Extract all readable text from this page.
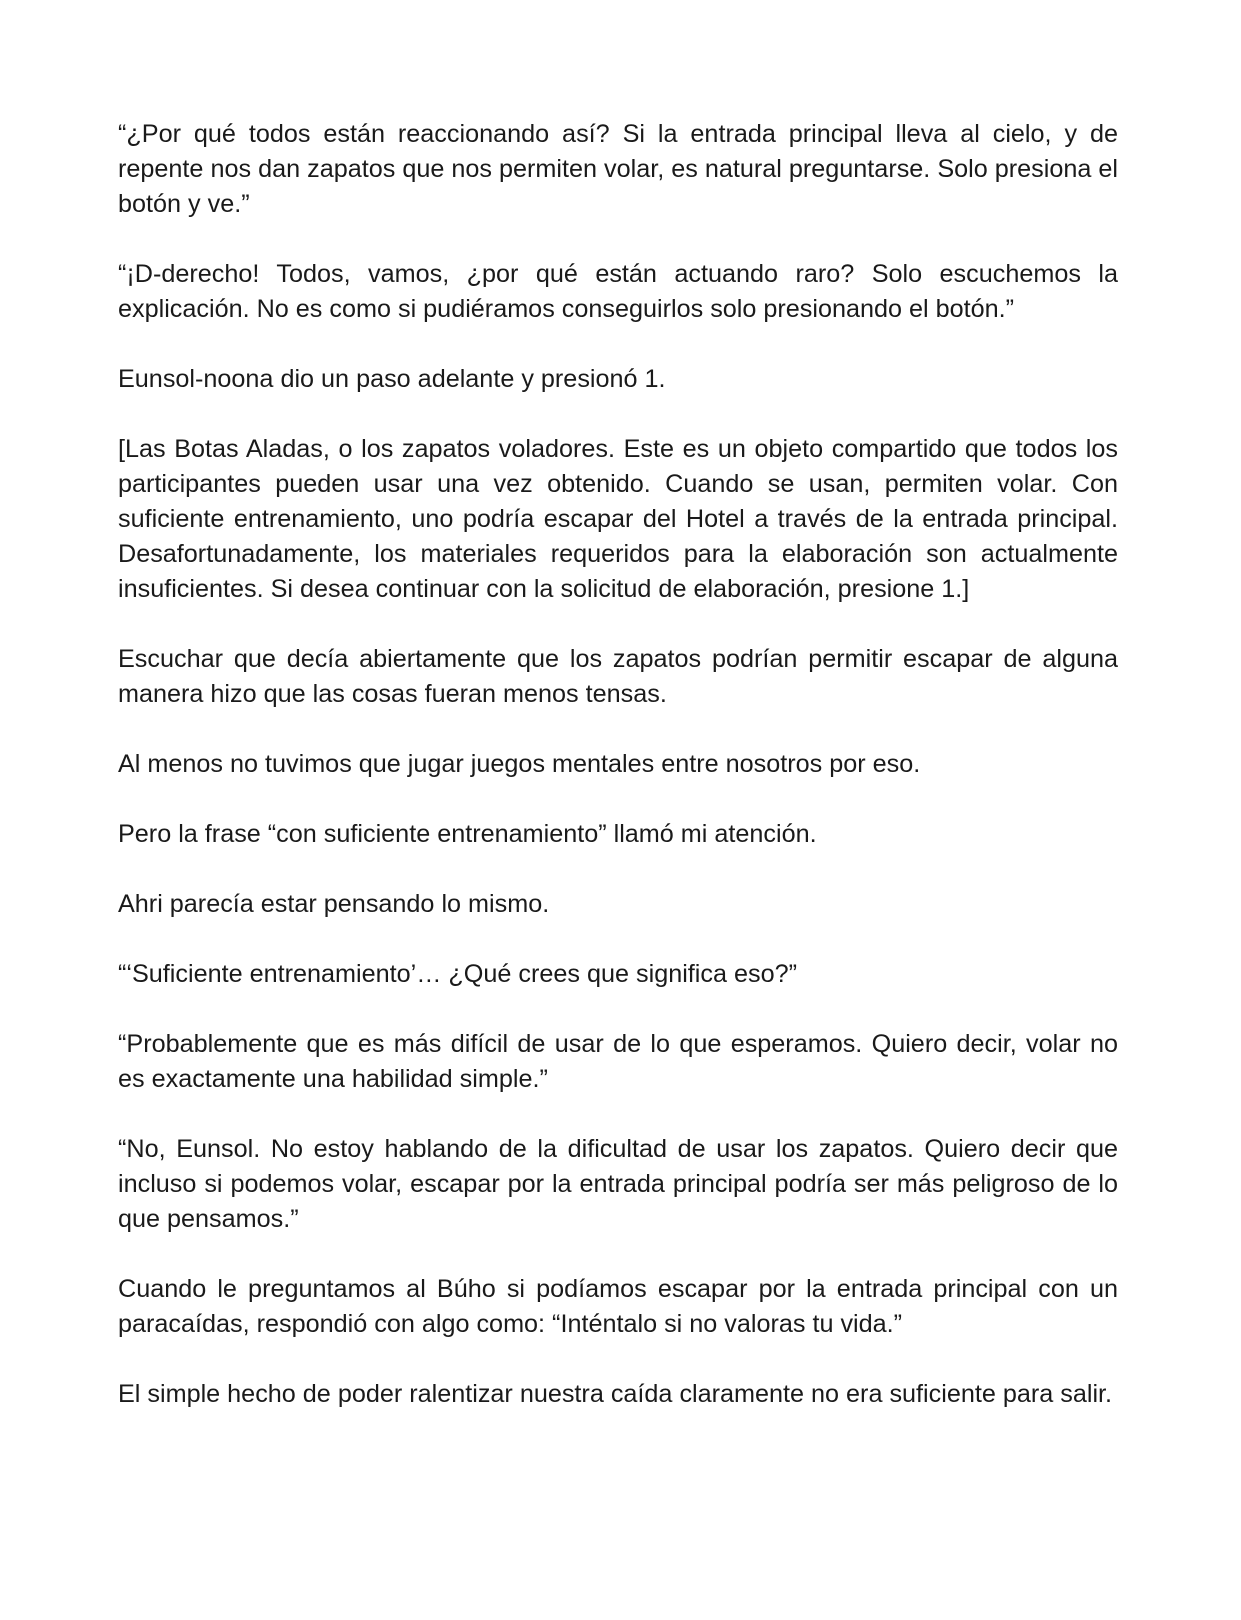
“¿Por qué todos están reaccionando así? Si la entrada principal lleva al cielo, y de repente nos dan zapatos que nos permiten volar, es natural preguntarse. Solo presiona el botón y ve.”

“¡D-derecho! Todos, vamos, ¿por qué están actuando raro? Solo escuchemos la explicación. No es como si pudiéramos conseguirlos solo presionando el botón.”

Eunsol-noona dio un paso adelante y presionó 1.

[Las Botas Aladas, o los zapatos voladores. Este es un objeto compartido que todos los participantes pueden usar una vez obtenido. Cuando se usan, permiten volar. Con suficiente entrenamiento, uno podría escapar del Hotel a través de la entrada principal. Desafortunadamente, los materiales requeridos para la elaboración son actualmente insuficientes. Si desea continuar con la solicitud de elaboración, presione 1.]

Escuchar que decía abiertamente que los zapatos podrían permitir escapar de alguna manera hizo que las cosas fueran menos tensas.

Al menos no tuvimos que jugar juegos mentales entre nosotros por eso.

Pero la frase “con suficiente entrenamiento” llamó mi atención.

Ahri parecía estar pensando lo mismo.

“‘Suficiente entrenamiento’… ¿Qué crees que significa eso?”

“Probablemente que es más difícil de usar de lo que esperamos. Quiero decir, volar no es exactamente una habilidad simple.”

“No, Eunsol. No estoy hablando de la dificultad de usar los zapatos. Quiero decir que incluso si podemos volar, escapar por la entrada principal podría ser más peligroso de lo que pensamos.”

Cuando le preguntamos al Búho si podíamos escapar por la entrada principal con un paracaídas, respondió con algo como: “Inténtalo si no valoras tu vida.”

El simple hecho de poder ralentizar nuestra caída claramente no era suficiente para salir.
